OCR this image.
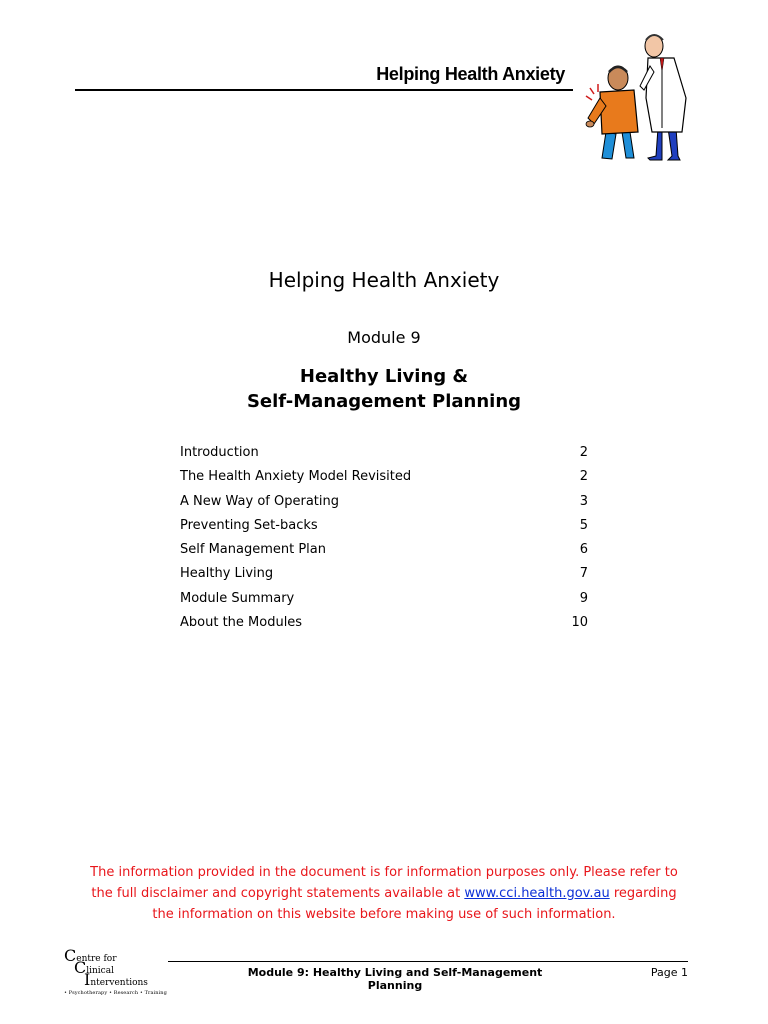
Helping Health Anxiety
Helping Health Anxiety
Module 9
Healthy Living &
Self-Management Planning
Introduction	2
The Health Anxiety Model Revisited	2
A New Way of Operating	3
Preventing Set-backs	5
Self Management Plan	6
Healthy Living	7
Module Summary	9
About the Modules	10
The information provided in the document is for information purposes only. Please refer to the full disclaimer and copyright statements available at www.cci.health.gov.au regarding the information on this website before making use of such information.
Centre for
Clinical
Interventions
• Psychotherapy • Research • Training
Module 9: Healthy Living and Self-Management Planning
Page 1
